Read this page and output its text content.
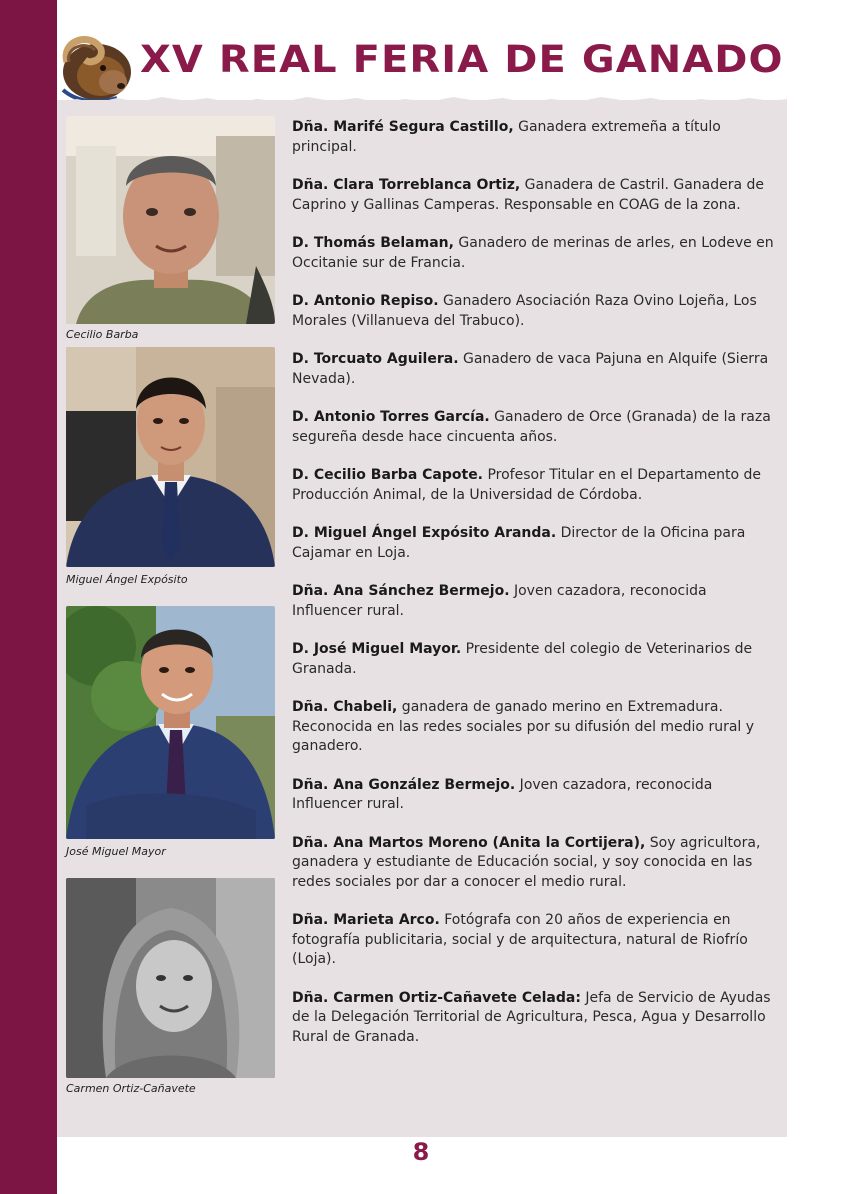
XV REAL FERIA DE GANADO
Cecilio Barba
Miguel Ángel Expósito
José Miguel Mayor
Carmen Ortiz-Cañavete

Dña. Marifé Segura Castillo, Ganadera extremeña a título principal.

Dña. Clara Torreblanca Ortiz, Ganadera de Castril. Ganadera de Caprino y Gallinas Camperas. Responsable en COAG de la zona.

D. Thomás Belaman, Ganadero de merinas de arles, en Lodeve en Occitanie sur de Francia.

D. Antonio Repiso. Ganadero Asociación Raza Ovino Lojeña, Los Morales (Villanueva del Trabuco).

D. Torcuato Aguilera. Ganadero de vaca Pajuna en Alquife (Sierra Nevada).

D. Antonio Torres García. Ganadero de Orce (Granada) de la raza segureña desde hace cincuenta años.

D. Cecilio Barba Capote. Profesor Titular en el Departamento de Producción Animal, de la Universidad de Córdoba.

D. Miguel Ángel Expósito Aranda. Director de la Oficina para Cajamar en Loja.

Dña. Ana Sánchez Bermejo. Joven cazadora, reconocida Influencer rural.

D. José Miguel Mayor. Presidente del colegio de Veterinarios de Granada.

Dña. Chabeli, ganadera de ganado merino en Extremadura. Reconocida en las redes sociales por su difusión del medio rural y ganadero.

Dña. Ana González Bermejo. Joven cazadora, reconocida Influencer rural.

Dña. Ana Martos Moreno (Anita la Cortijera), Soy agricultora, ganadera y estudiante de Educación social, y soy conocida en las redes sociales por dar a conocer el medio rural.

Dña. Marieta Arco. Fotógrafa con 20 años de experiencia en fotografía publicitaria, social y de arquitectura, natural de Riofrío (Loja).

Dña. Carmen Ortiz-Cañavete Celada: Jefa de Servicio de Ayudas de la Delegación Territorial de Agricultura, Pesca, Agua y Desarrollo Rural de Granada.

8
